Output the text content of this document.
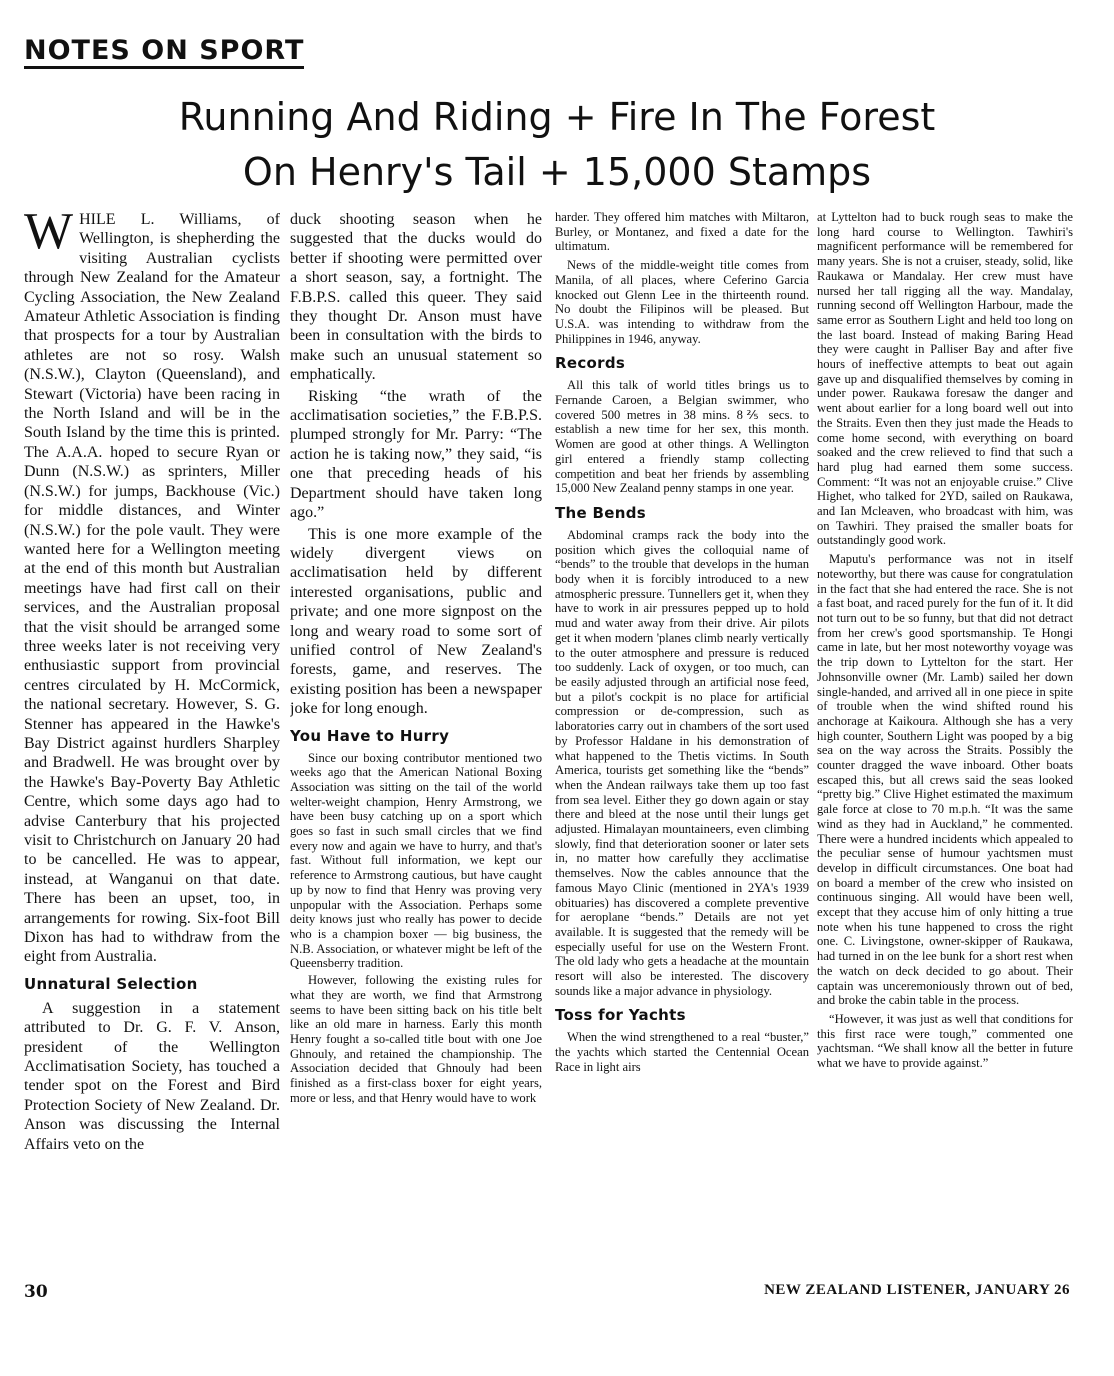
NOTES ON SPORT
Running And Riding + Fire In The Forest
On Henry's Tail + 15,000 Stamps

WHILE L. Williams, of Wellington, is shepherding the visiting Australian cyclists through New Zealand for the Amateur Cycling Association, the New Zealand Amateur Athletic Association is finding that prospects for a tour by Australian athletes are not so rosy. Walsh (N.S.W.), Clayton (Queensland), and Stewart (Victoria) have been racing in the North Island and will be in the South Island by the time this is printed. The A.A.A. hoped to secure Ryan or Dunn (N.S.W.) as sprinters, Miller (N.S.W.) for jumps, Backhouse (Vic.) for middle distances, and Winter (N.S.W.) for the pole vault. They were wanted here for a Wellington meeting at the end of this month but Australian meetings have had first call on their services, and the Australian proposal that the visit should be arranged some three weeks later is not receiving very enthusiastic support from provincial centres circulated by H. McCormick, the national secretary. However, S. G. Stenner has appeared in the Hawke's Bay District against hurdlers Sharpley and Bradwell. He was brought over by the Hawke's Bay-Poverty Bay Athletic Centre, which some days ago had to advise Canterbury that his projected visit to Christchurch on January 20 had to be cancelled. He was to appear, instead, at Wanganui on that date. There has been an upset, too, in arrangements for rowing. Six-foot Bill Dixon has had to withdraw from the eight from Australia.

Unnatural Selection

A suggestion in a statement attributed to Dr. G. F. V. Anson, president of the Wellington Acclimatisation Society, has touched a tender spot on the Forest and Bird Protection Society of New Zealand. Dr. Anson was discussing the Internal Affairs veto on the

duck shooting season when he suggested that the ducks would do better if shooting were permitted over a short season, say, a fortnight. The F.B.P.S. called this queer. They said they thought Dr. Anson must have been in consultation with the birds to make such an unusual statement so emphatically.

Risking “the wrath of the acclimatisation societies,” the F.B.P.S. plumped strongly for Mr. Parry: “The action he is taking now,” they said, “is one that preceding heads of his Department should have taken long ago.”

This is one more example of the widely divergent views on acclimatisation held by different interested organisations, public and private; and one more signpost on the long and weary road to some sort of unified control of New Zealand's forests, game, and reserves. The existing position has been a newspaper joke for long enough.

You Have to Hurry

Since our boxing contributor mentioned two weeks ago that the American National Boxing Association was sitting on the tail of the world welter-weight champion, Henry Armstrong, we have been busy catching up on a sport which goes so fast in such small circles that we find every now and again we have to hurry, and that's fast. Without full information, we kept our reference to Armstrong cautious, but have caught up by now to find that Henry was proving very unpopular with the Association. Perhaps some deity knows just who really has power to decide who is a champion boxer — big business, the N.B. Association, or whatever might be left of the Queensberry tradition.

However, following the existing rules for what they are worth, we find that Armstrong seems to have been sitting back on his title belt like an old mare in harness. Early this month Henry fought a so-called title bout with one Joe Ghnouly, and retained the championship. The Association decided that Ghnouly had been finished as a first-class boxer for eight years, more or less, and that Henry would have to work

harder. They offered him matches with Miltaron, Burley, or Montanez, and fixed a date for the ultimatum.

News of the middle-weight title comes from Manila, of all places, where Ceferino Garcia knocked out Glenn Lee in the thirteenth round. No doubt the Filipinos will be pleased. But U.S.A. was intending to withdraw from the Philippines in 1946, anyway.

Records

All this talk of world titles brings us to Fernande Caroen, a Belgian swimmer, who covered 500 metres in 38 mins. 8⅖ secs. to establish a new time for her sex, this month. Women are good at other things. A Wellington girl entered a friendly stamp collecting competition and beat her friends by assembling 15,000 New Zealand penny stamps in one year.

The Bends

Abdominal cramps rack the body into the position which gives the colloquial name of “bends” to the trouble that develops in the human body when it is forcibly introduced to a new atmospheric pressure. Tunnellers get it, when they have to work in air pressures pepped up to hold mud and water away from their drive. Air pilots get it when modern 'planes climb nearly vertically to the outer atmosphere and pressure is reduced too suddenly. Lack of oxygen, or too much, can be easily adjusted through an artificial nose feed, but a pilot's cockpit is no place for artificial compression or de-compression, such as laboratories carry out in chambers of the sort used by Professor Haldane in his demonstration of what happened to the Thetis victims. In South America, tourists get something like the “bends” when the Andean railways take them up too fast from sea level. Either they go down again or stay there and bleed at the nose until their lungs get adjusted. Himalayan mountaineers, even climbing slowly, find that deterioration sooner or later sets in, no matter how carefully they acclimatise themselves. Now the cables announce that the famous Mayo Clinic (mentioned in 2YA's 1939 obituaries) has discovered a complete preventive for aeroplane “bends.” Details are not yet available. It is suggested that the remedy will be especially useful for use on the Western Front. The old lady who gets a headache at the mountain resort will also be interested. The discovery sounds like a major advance in physiology.

Toss for Yachts

When the wind strengthened to a real “buster,” the yachts which started the Centennial Ocean Race in light airs

at Lyttelton had to buck rough seas to make the long hard course to Wellington. Tawhiri's magnificent performance will be remembered for many years. She is not a cruiser, steady, solid, like Raukawa or Mandalay. Her crew must have nursed her tall rigging all the way. Mandalay, running second off Wellington Harbour, made the same error as Southern Light and held too long on the last board. Instead of making Baring Head they were caught in Palliser Bay and after five hours of ineffective attempts to beat out again gave up and disqualified themselves by coming in under power. Raukawa foresaw the danger and went about earlier for a long board well out into the Straits. Even then they just made the Heads to come home second, with everything on board soaked and the crew relieved to find that such a hard plug had earned them some success. Comment: “It was not an enjoyable cruise.” Clive Highet, who talked for 2YD, sailed on Raukawa, and Ian Mcleaven, who broadcast with him, was on Tawhiri. They praised the smaller boats for outstandingly good work.

Maputu's performance was not in itself noteworthy, but there was cause for congratulation in the fact that she had entered the race. She is not a fast boat, and raced purely for the fun of it. It did not turn out to be so funny, but that did not detract from her crew's good sportsmanship. Te Hongi came in late, but her most noteworthy voyage was the trip down to Lyttelton for the start. Her Johnsonville owner (Mr. Lamb) sailed her down single-handed, and arrived all in one piece in spite of trouble when the wind shifted round his anchorage at Kaikoura. Although she has a very high counter, Southern Light was pooped by a big sea on the way across the Straits. Possibly the counter dragged the wave inboard. Other boats escaped this, but all crews said the seas looked “pretty big.” Clive Highet estimated the maximum gale force at close to 70 m.p.h. “It was the same wind as they had in Auckland,” he commented. There were a hundred incidents which appealed to the peculiar sense of humour yachtsmen must develop in difficult circumstances. One boat had on board a member of the crew who insisted on continuous singing. All would have been well, except that they accuse him of only hitting a true note when his tune happened to cross the right one. C. Livingstone, owner-skipper of Raukawa, had turned in on the lee bunk for a short rest when the watch on deck decided to go about. Their captain was unceremoniously thrown out of bed, and broke the cabin table in the process.

“However, it was just as well that conditions for this first race were tough,” commented one yachtsman. “We shall know all the better in future what we have to provide against.”

30	NEW ZEALAND LISTENER, JANUARY 26
